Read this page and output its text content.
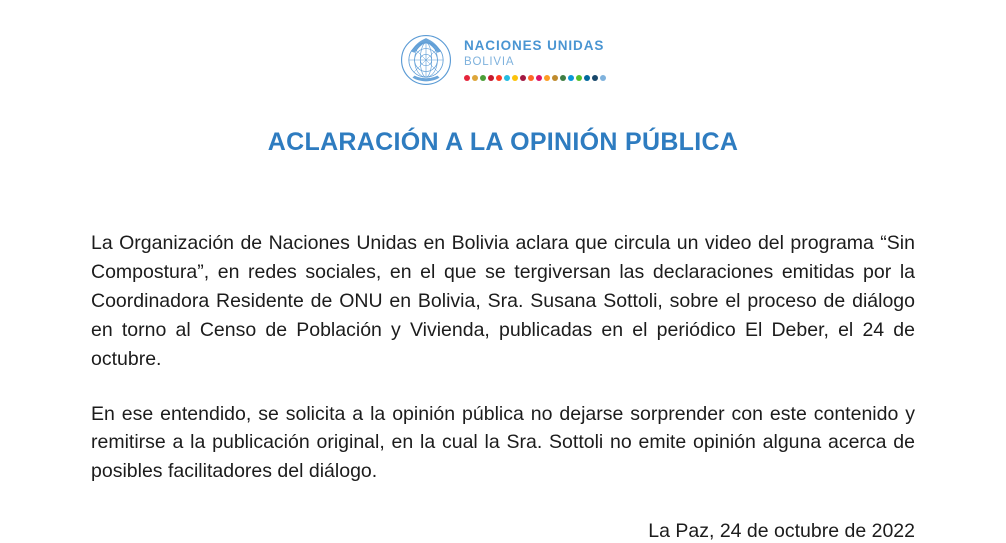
NACIONES UNIDAS
BOLIVIA
ACLARACIÓN A LA OPINIÓN PÚBLICA

La Organización de Naciones Unidas en Bolivia aclara que circula un video del programa “Sin Compostura”, en redes sociales, en el que se tergiversan las declaraciones emitidas por la Coordinadora Residente de ONU en Bolivia, Sra. Susana Sottoli, sobre el proceso de diálogo en torno al Censo de Población y Vivienda, publicadas en el periódico El Deber, el 24 de octubre.

En ese entendido, se solicita a la opinión pública no dejarse sorprender con este contenido y remitirse a la publicación original, en la cual la Sra. Sottoli no emite opinión alguna acerca de posibles facilitadores del diálogo.

La Paz, 24 de octubre de 2022
